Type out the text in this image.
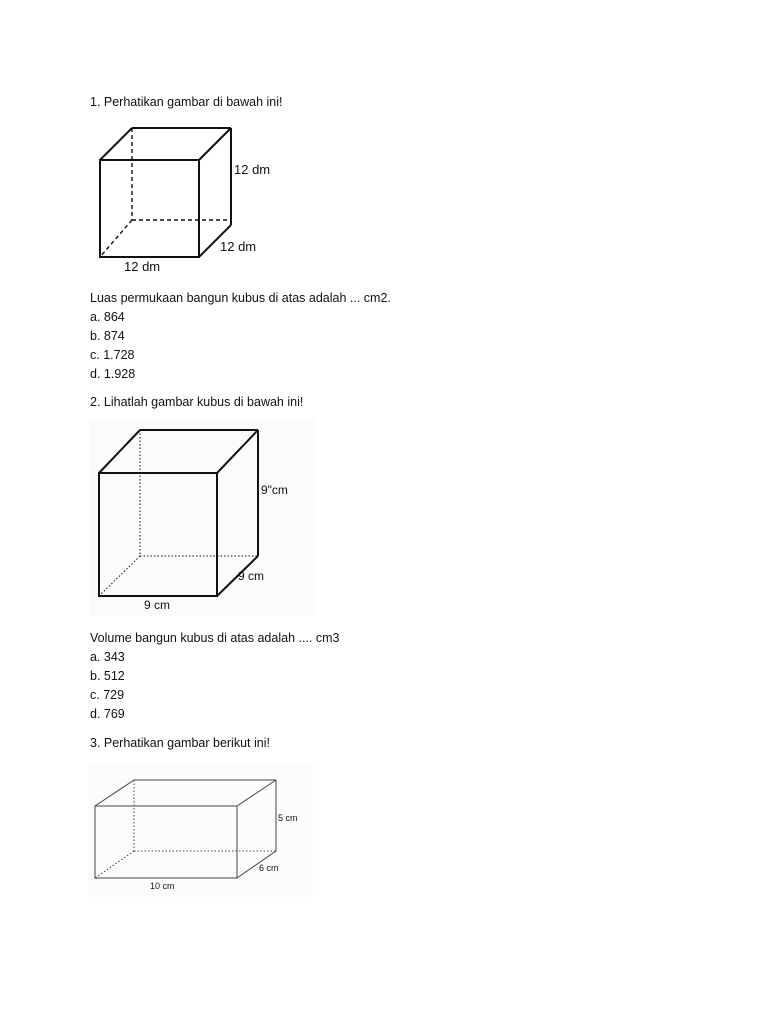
1. Perhatikan gambar di bawah ini!
12 dm
12 dm
12 dm
Luas permukaan bangun kubus di atas adalah ... cm2.
a. 864
b. 874
c. 1.728
d. 1.928
2. Lihatlah gambar kubus di bawah ini!
9"cm
9 cm
9 cm
Volume bangun kubus di atas adalah .... cm3
a. 343
b. 512
c. 729
d. 769
3. Perhatikan gambar berikut ini!
5 cm
6 cm
10 cm
